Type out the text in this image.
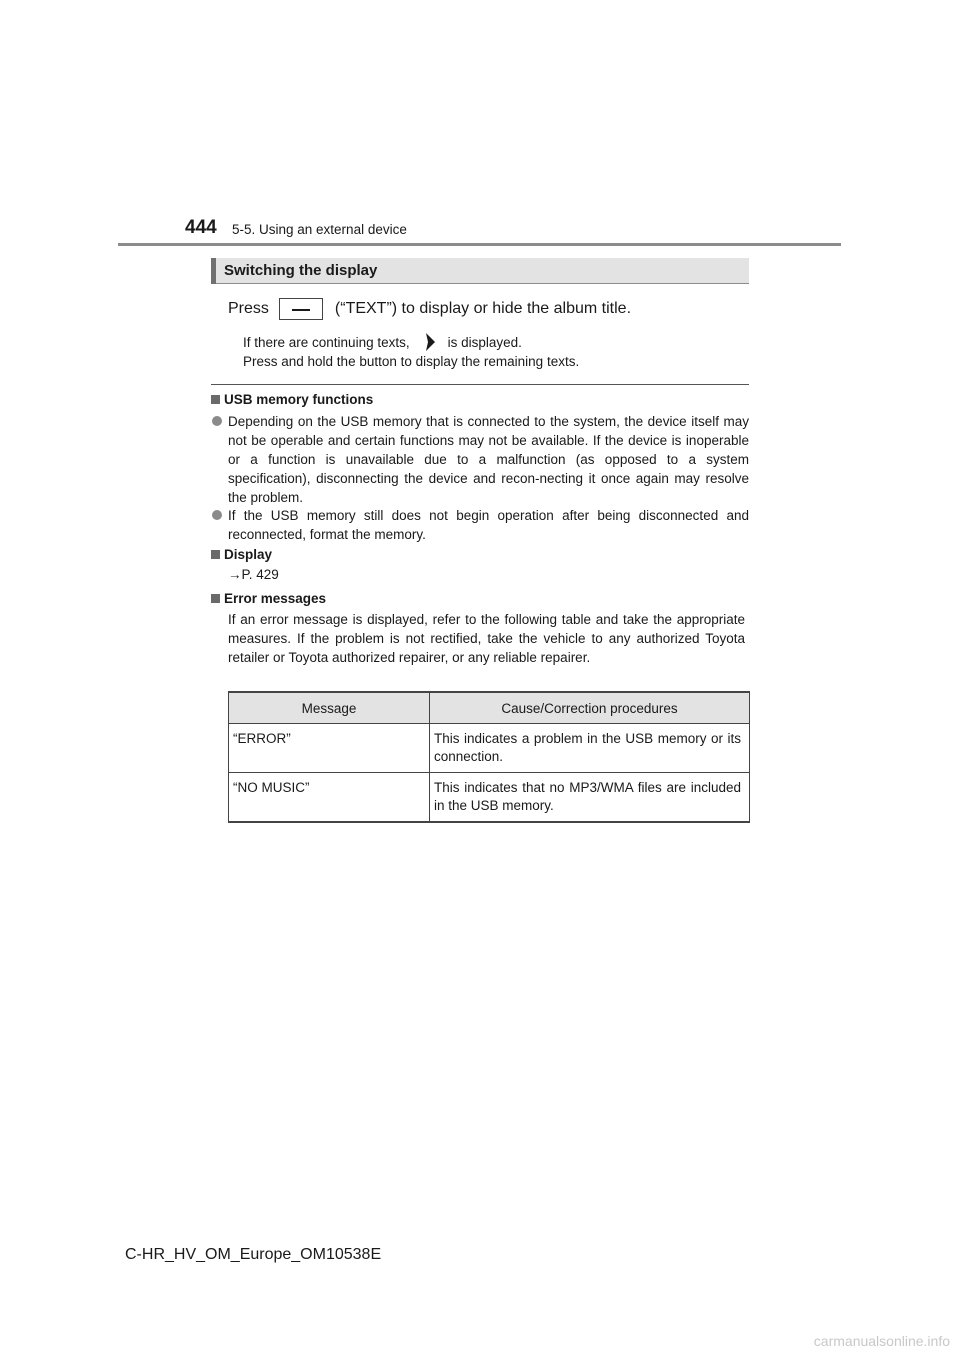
444 5-5. Using an external device
Switching the display
Press	(“TEXT”) to display or hide the album title.
If there are continuing texts,	is displayed.
Press and hold the button to display the remaining texts.
USB memory functions
Depending on the USB memory that is connected to the system, the device itself may not be operable and certain functions may not be available. If the device is inoperable or a function is unavailable due to a malfunction (as opposed to a system specification), disconnecting the device and recon-necting it once again may resolve the problem.
If the USB memory still does not begin operation after being disconnected and reconnected, format the memory.
Display
→P. 429
Error messages
If an error message is displayed, refer to the following table and take the appropriate measures. If the problem is not rectified, take the vehicle to any authorized Toyota retailer or Toyota authorized repairer, or any reliable repairer.
Message	Cause/Correction procedures
“ERROR”	This indicates a problem in the USB memory or its connection.
“NO MUSIC”	This indicates that no MP3/WMA files are included in the USB memory.
C-HR_HV_OM_Europe_OM10538E
carmanualsonline.info
